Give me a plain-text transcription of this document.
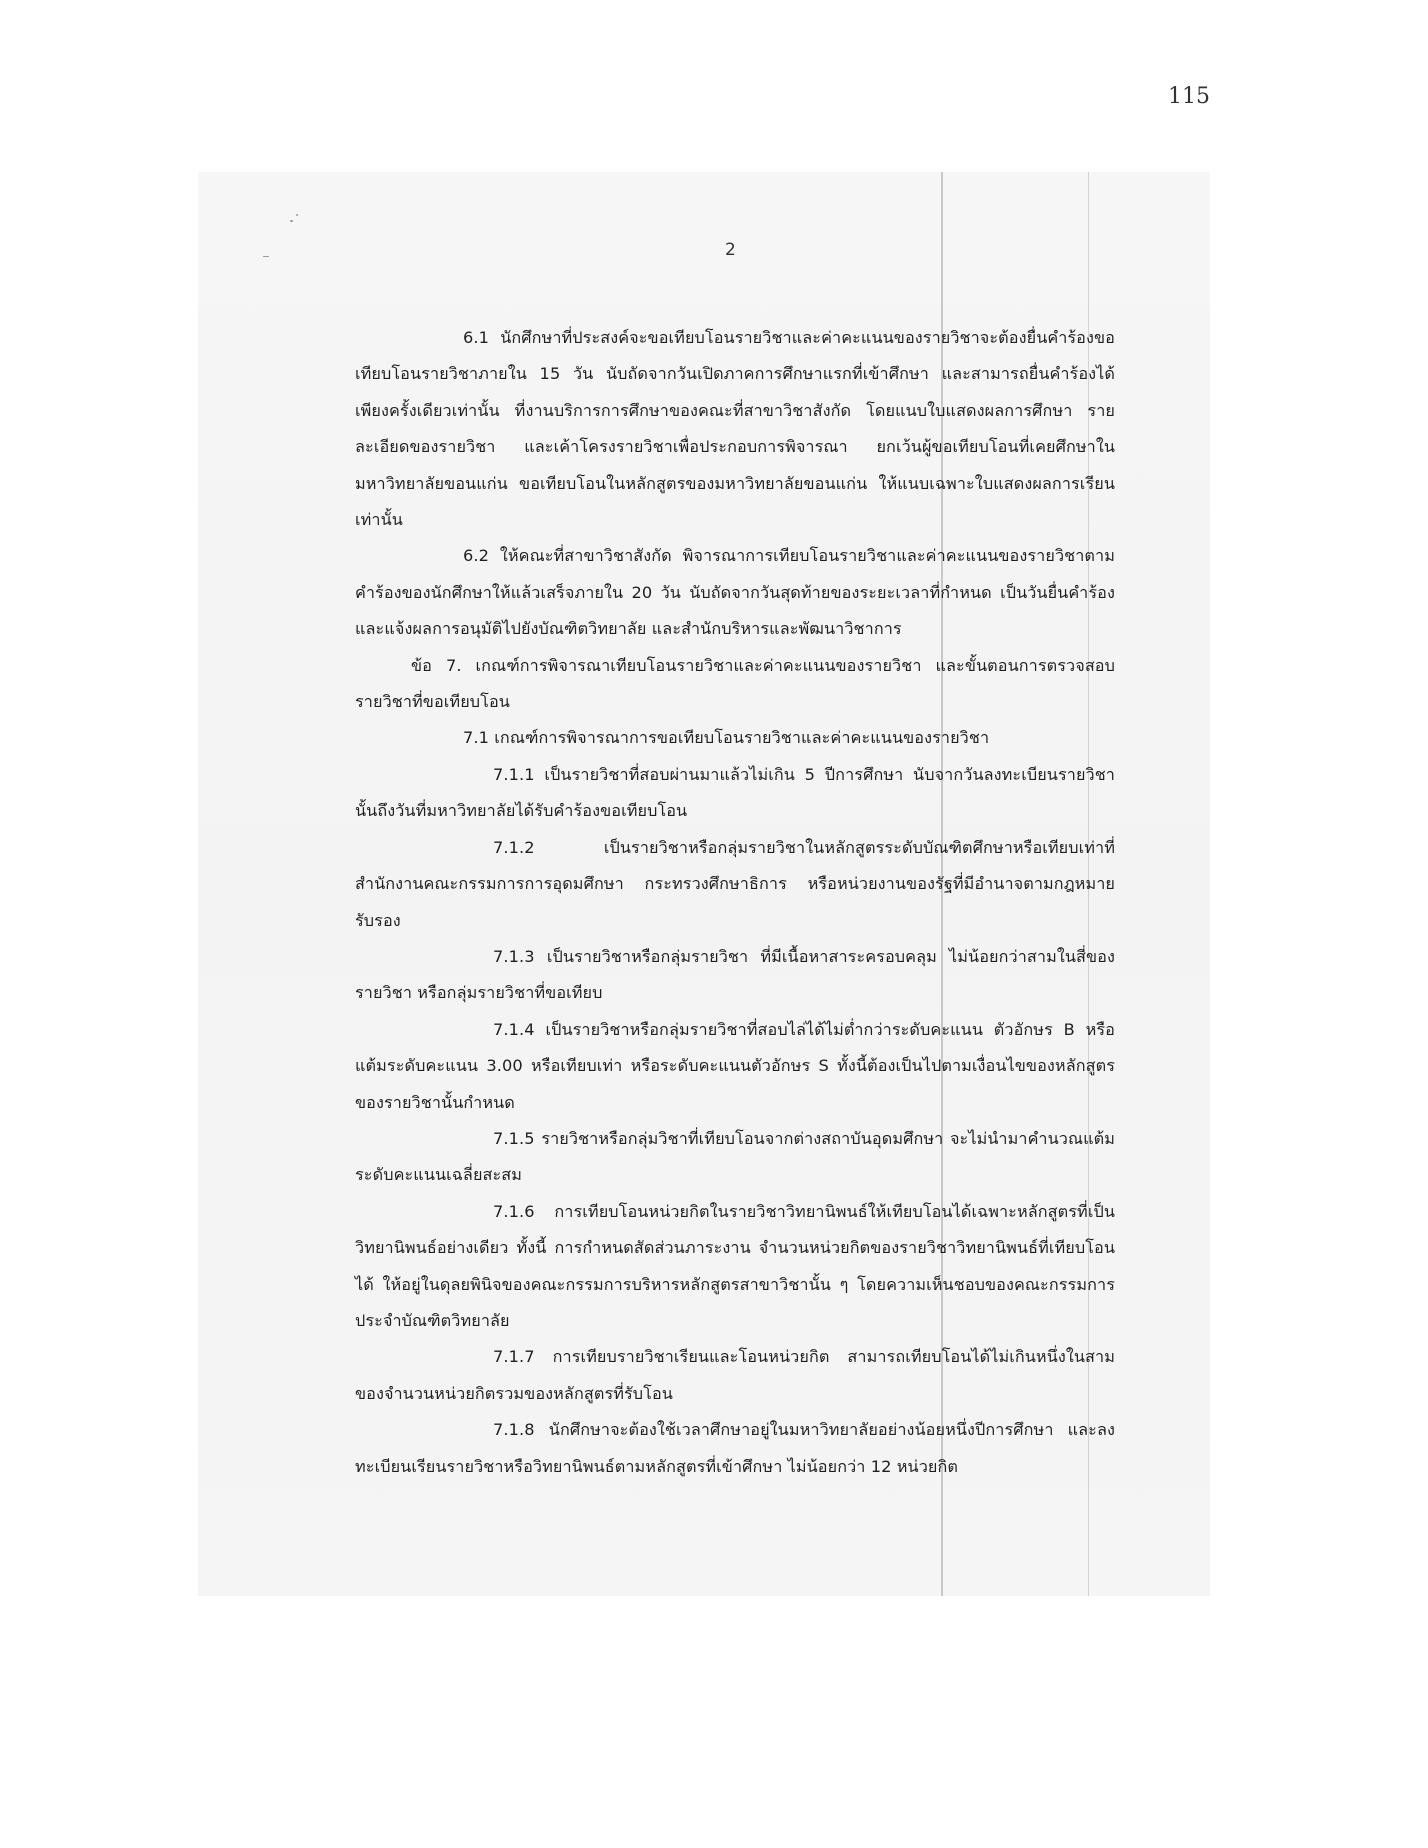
115
2

6.1 นักศึกษาที่ประสงค์จะขอเทียบโอนรายวิชาและค่าคะแนนของรายวิชาจะต้องยื่นคำร้องขอเทียบโอนรายวิชาภายใน 15 วัน นับถัดจากวันเปิดภาคการศึกษาแรกที่เข้าศึกษา และสามารถยื่นคำร้องได้เพียงครั้งเดียวเท่านั้น ที่งานบริการการศึกษาของคณะที่สาขาวิชาสังกัด โดยแนบใบแสดงผลการศึกษา รายละเอียดของรายวิชา และเค้าโครงรายวิชาเพื่อประกอบการพิจารณา ยกเว้นผู้ขอเทียบโอนที่เคยศึกษาในมหาวิทยาลัยขอนแก่น ขอเทียบโอนในหลักสูตรของมหาวิทยาลัยขอนแก่น ให้แนบเฉพาะใบแสดงผลการเรียนเท่านั้น

6.2 ให้คณะที่สาขาวิชาสังกัด พิจารณาการเทียบโอนรายวิชาและค่าคะแนนของรายวิชาตามคำร้องของนักศึกษาให้แล้วเสร็จภายใน 20 วัน นับถัดจากวันสุดท้ายของระยะเวลาที่กำหนด เป็นวันยื่นคำร้อง และแจ้งผลการอนุมัติไปยังบัณฑิตวิทยาลัย และสำนักบริหารและพัฒนาวิชาการ

ข้อ 7. เกณฑ์การพิจารณาเทียบโอนรายวิชาและค่าคะแนนของรายวิชา และขั้นตอนการตรวจสอบรายวิชาที่ขอเทียบโอน

7.1 เกณฑ์การพิจารณาการขอเทียบโอนรายวิชาและค่าคะแนนของรายวิชา

7.1.1 เป็นรายวิชาที่สอบผ่านมาแล้วไม่เกิน 5 ปีการศึกษา นับจากวันลงทะเบียนรายวิชานั้นถึงวันที่มหาวิทยาลัยได้รับคำร้องขอเทียบโอน

7.1.2 เป็นรายวิชาหรือกลุ่มรายวิชาในหลักสูตรระดับบัณฑิตศึกษาหรือเทียบเท่าที่สำนักงานคณะกรรมการการอุดมศึกษา กระทรวงศึกษาธิการ หรือหน่วยงานของรัฐที่มีอำนาจตามกฎหมายรับรอง

7.1.3 เป็นรายวิชาหรือกลุ่มรายวิชา ที่มีเนื้อหาสาระครอบคลุม ไม่น้อยกว่าสามในสี่ของรายวิชา หรือกลุ่มรายวิชาที่ขอเทียบ

7.1.4 เป็นรายวิชาหรือกลุ่มรายวิชาที่สอบไล่ได้ไม่ต่ำกว่าระดับคะแนน ตัวอักษร B หรือแต้มระดับคะแนน 3.00 หรือเทียบเท่า หรือระดับคะแนนตัวอักษร S ทั้งนี้ต้องเป็นไปตามเงื่อนไขของหลักสูตรของรายวิชานั้นกำหนด

7.1.5 รายวิชาหรือกลุ่มวิชาที่เทียบโอนจากต่างสถาบันอุดมศึกษา จะไม่นำมาคำนวณแต้มระดับคะแนนเฉลี่ยสะสม

7.1.6 การเทียบโอนหน่วยกิตในรายวิชาวิทยานิพนธ์ให้เทียบโอนได้เฉพาะหลักสูตรที่เป็นวิทยานิพนธ์อย่างเดียว ทั้งนี้ การกำหนดสัดส่วนภาระงาน จำนวนหน่วยกิตของรายวิชาวิทยานิพนธ์ที่เทียบโอนได้ ให้อยู่ในดุลยพินิจของคณะกรรมการบริหารหลักสูตรสาขาวิชานั้น ๆ โดยความเห็นชอบของคณะกรรมการประจำบัณฑิตวิทยาลัย

7.1.7 การเทียบรายวิชาเรียนและโอนหน่วยกิต สามารถเทียบโอนได้ไม่เกินหนึ่งในสามของจำนวนหน่วยกิตรวมของหลักสูตรที่รับโอน

7.1.8 นักศึกษาจะต้องใช้เวลาศึกษาอยู่ในมหาวิทยาลัยอย่างน้อยหนึ่งปีการศึกษา และลงทะเบียนเรียนรายวิชาหรือวิทยานิพนธ์ตามหลักสูตรที่เข้าศึกษา ไม่น้อยกว่า 12 หน่วยกิต
